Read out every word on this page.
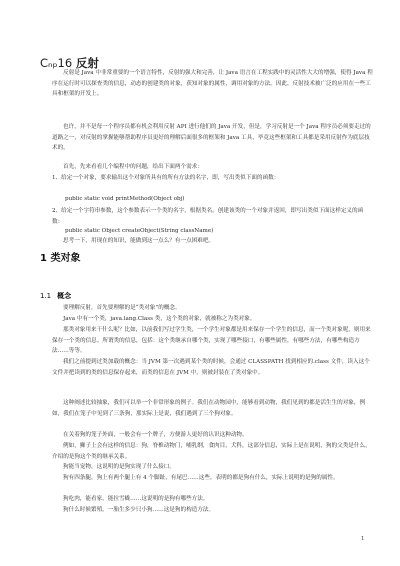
Cₙₚ16 反射

反射是 Java 中非常重要的一个语言特性，反射的强大和完善，让 Java 语言在工程实践中的灵活性大大的增强，使得 Java 程序在运行时可以探查类的信息，动态的创建类的对象，获知对象的属性，调用对象的方法。因此，反射技术被广泛的应用在一些工具和框架的开发上。

也许，并不是每一个程序员都有机会利用反射 API 进行他们的 Java 开发，但是，学习反射是一个 Java 程序员必须要走过的道路之一，对反射的掌握能够帮助程序员更好的理解后面很多的框架和 Java 工具，毕竟这些框架和工具都是采用反射作为底层技术的。

首先，先来看看几个编程中的问题，给出下面两个需求：

1、给定一个对象，要求输出这个对象所具有的所有方法的名字，即，写出类似下面的函数：

public static void printMethod(Object obj)

2、给定一个字符串参数，这个参数表示一个类的名字，根据类名，创建该类的一个对象并返回，即写出类似下面这样定义的函数：

public static Object createObject(String className)

思考一下，用现在的知识，能做到这一点么？有一点困难吧。

1 类对象
1.1 概念

要理解反射，首先要理解的是“类对象”的概念。

Java 中有一个类，java.lang.Class 类，这个类的对象，就被称之为类对象。

那类对象用来干什么呢？比如，以前我们写过学生类，一个学生对象都是用来保存一个学生的信息，而一个类对象呢，则用来保存一个类的信息。所谓类的信息，包括：这个类继承自哪个类，实现了哪些接口，有哪些属性，有哪些方法，有哪些构造方法……等等。

我们之前提到过类加载的概念：当 JVM 第一次遇到某个类的时候，会通过 CLASSPATH 找到相应的.class 文件，读入这个文件并把读到的类的信息保存起来，而类的信息在 JVM 中，则被封装在了类对象中。

这种阐述比较抽象，我们可以举一个非常形象的例子。我们在动物园中，能够看到动物，我们见到的都是活生生的对象，例如，我们在笼子中见到了三条狗，那实际上是说，我们遇到了三个狗对象。

在关着狗的笼子外面，一般会有一个牌子，方便游人更好的认识这种动物。

例如，狮子上会有这样的信息：狗，脊椎动物门，哺乳纲，食肉目，犬科，这部分信息，实际上是在说明，狗的父类是什么，介绍的是狗这个类的继承关系。

狗能当宠物，这说明的是狗实现了什么接口。

狗有四条腿，狗上有两个腿上有 4 个脚趾，有尾巴……这些，表明的都是狗有什么，实际上说明的是狗的属性。

狗吃肉，能看家，能拉雪橇……这说明的是狗有哪些方法。

狗什么时候繁殖，一胎生多少只小狗……这是狗的构造方法。

1
